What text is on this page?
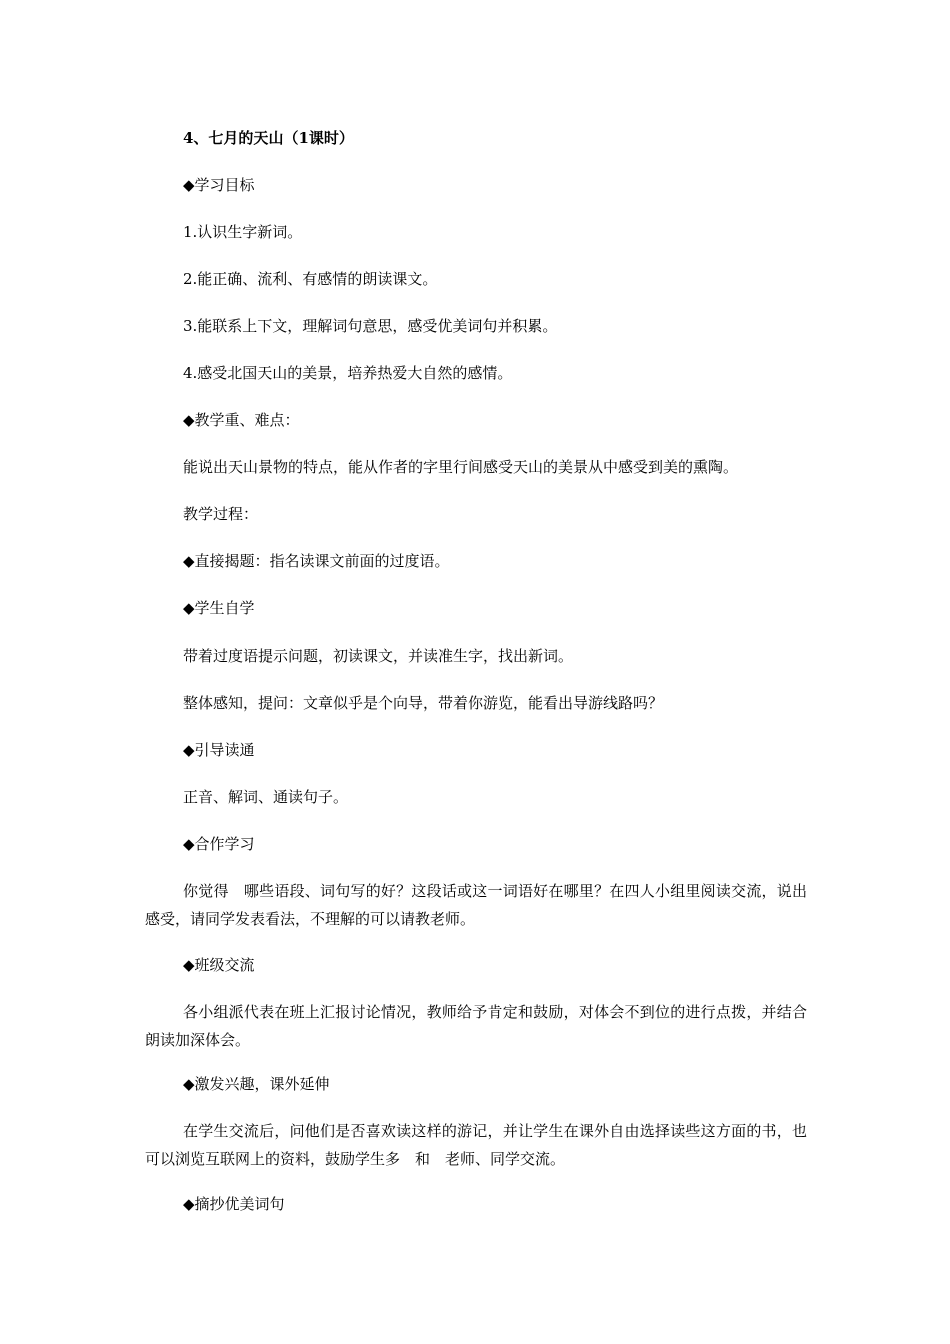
4、七月的天山（1课时）
◆学习目标
1.认识生字新词。
2.能正确、流利、有感情的朗读课文。
3.能联系上下文，理解词句意思，感受优美词句并积累。
4.感受北国天山的美景，培养热爱大自然的感情。
◆教学重、难点：
能说出天山景物的特点，能从作者的字里行间感受天山的美景从中感受到美的熏陶。
教学过程：
◆直接揭题：指名读课文前面的过度语。
◆学生自学
带着过度语提示问题，初读课文，并读准生字，找出新词。
整体感知，提问：文章似乎是个向导，带着你游览，能看出导游线路吗？
◆引导读通
正音、解词、通读句子。
◆合作学习
你觉得　哪些语段、词句写的好？这段话或这一词语好在哪里？在四人小组里阅读交流，说出感受，请同学发表看法，不理解的可以请教老师。
◆班级交流
各小组派代表在班上汇报讨论情况，教师给予肯定和鼓励，对体会不到位的进行点拨，并结合朗读加深体会。
◆激发兴趣，课外延伸
在学生交流后，问他们是否喜欢读这样的游记，并让学生在课外自由选择读些这方面的书，也可以浏览互联网上的资料，鼓励学生多　和　老师、同学交流。
◆摘抄优美词句
